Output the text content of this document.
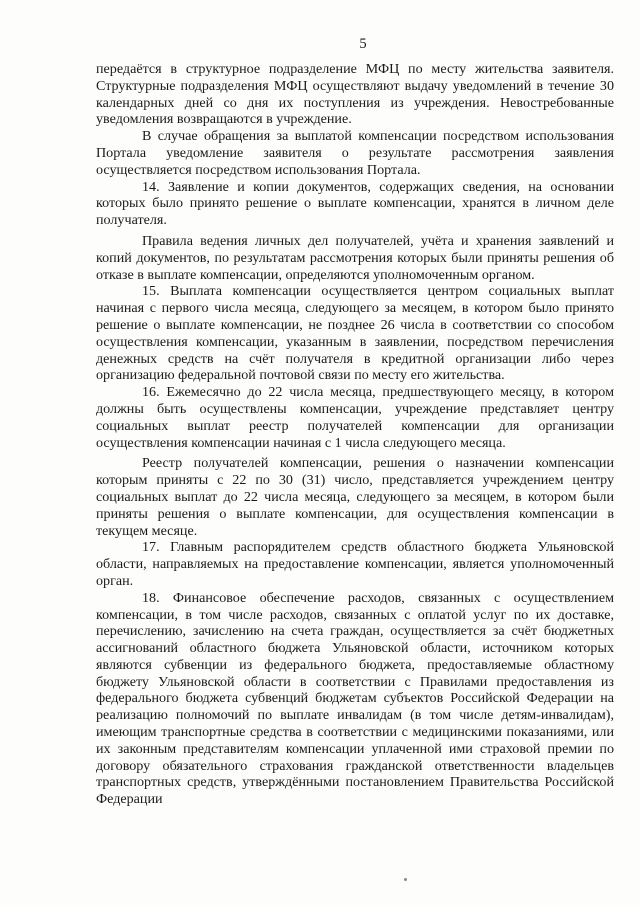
5

передаётся в структурное подразделение МФЦ по месту жительства заявителя. Структурные подразделения МФЦ осуществляют выдачу уведомлений в течение 30 календарных дней со дня их поступления из учреждения. Невостребованные уведомления возвращаются в учреждение.

В случае обращения за выплатой компенсации посредством использования Портала уведомление заявителя о результате рассмотрения заявления осуществляется посредством использования Портала.

14. Заявление и копии документов, содержащих сведения, на основании которых было принято решение о выплате компенсации, хранятся в личном деле получателя.

Правила ведения личных дел получателей, учёта и хранения заявлений и копий документов, по результатам рассмотрения которых были приняты решения об отказе в выплате компенсации, определяются уполномоченным органом.

15. Выплата компенсации осуществляется центром социальных выплат начиная с первого числа месяца, следующего за месяцем, в котором было принято решение о выплате компенсации, не позднее 26 числа в соответствии со способом осуществления компенсации, указанным в заявлении, посредством перечисления денежных средств на счёт получателя в кредитной организации либо через организацию федеральной почтовой связи по месту его жительства.

16. Ежемесячно до 22 числа месяца, предшествующего месяцу, в котором должны быть осуществлены компенсации, учреждение представляет центру социальных выплат реестр получателей компенсации для организации осуществления компенсации начиная с 1 числа следующего месяца.

Реестр получателей компенсации, решения о назначении компенсации которым приняты с 22 по 30 (31) число, представляется учреждением центру социальных выплат до 22 числа месяца, следующего за месяцем, в котором были приняты решения о выплате компенсации, для осуществления компенсации в текущем месяце.

17. Главным распорядителем средств областного бюджета Ульяновской области, направляемых на предоставление компенсации, является уполномоченный орган.

18. Финансовое обеспечение расходов, связанных с осуществлением компенсации, в том числе расходов, связанных с оплатой услуг по их доставке, перечислению, зачислению на счета граждан, осуществляется за счёт бюджетных ассигнований областного бюджета Ульяновской области, источником которых являются субвенции из федерального бюджета, предоставляемые областному бюджету Ульяновской области в соответствии с Правилами предоставления из федерального бюджета субвенций бюджетам субъектов Российской Федерации на реализацию полномочий по выплате инвалидам (в том числе детям-инвалидам), имеющим транспортные средства в соответствии с медицинскими показаниями, или их законным представителям компенсации уплаченной ими страховой премии по договору обязательного страхования гражданской ответственности владельцев транспортных средств, утверждёнными постановлением Правительства Российской Федерации
